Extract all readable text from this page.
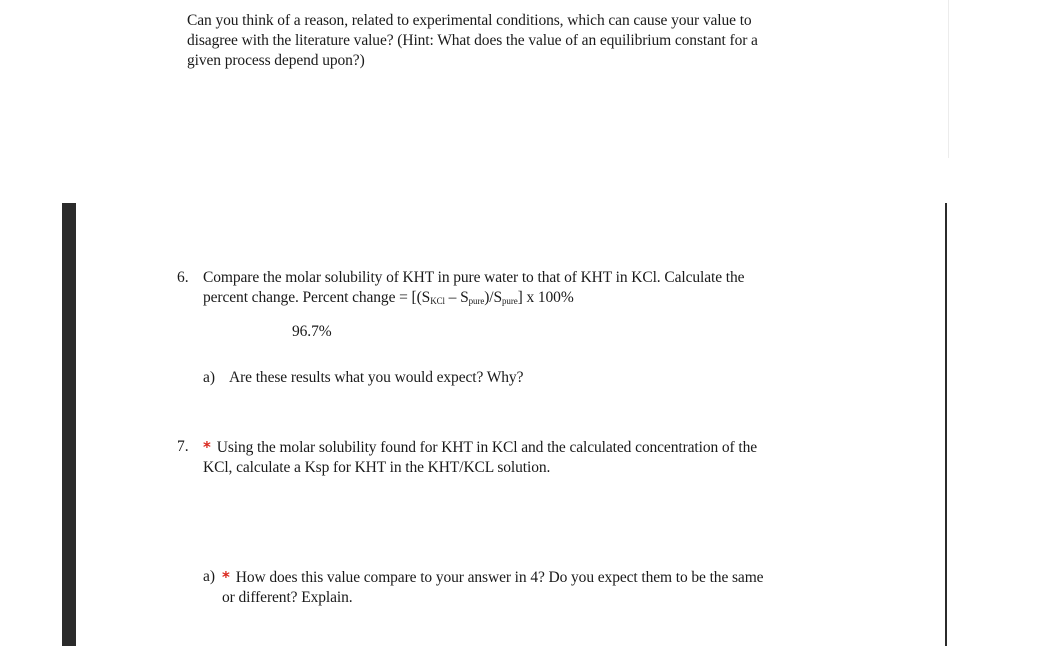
Can you think of a reason, related to experimental conditions, which can cause your value to
disagree with the literature value? (Hint: What does the value of an equilibrium constant for a
given process depend upon?)
6. Compare the molar solubility of KHT in pure water to that of KHT in KCl. Calculate the
percent change. Percent change = $[(S_{KCl} - S_{pure})/S_{pure}]$ x 100%
96.7%
a) Are these results what you would expect? Why?
7. * Using the molar solubility found for KHT in KCl and the calculated concentration of the
KCl, calculate a Ksp for KHT in the KHT/KCL solution.
a) * How does this value compare to your answer in 4? Do you expect them to be the same
or different? Explain.
